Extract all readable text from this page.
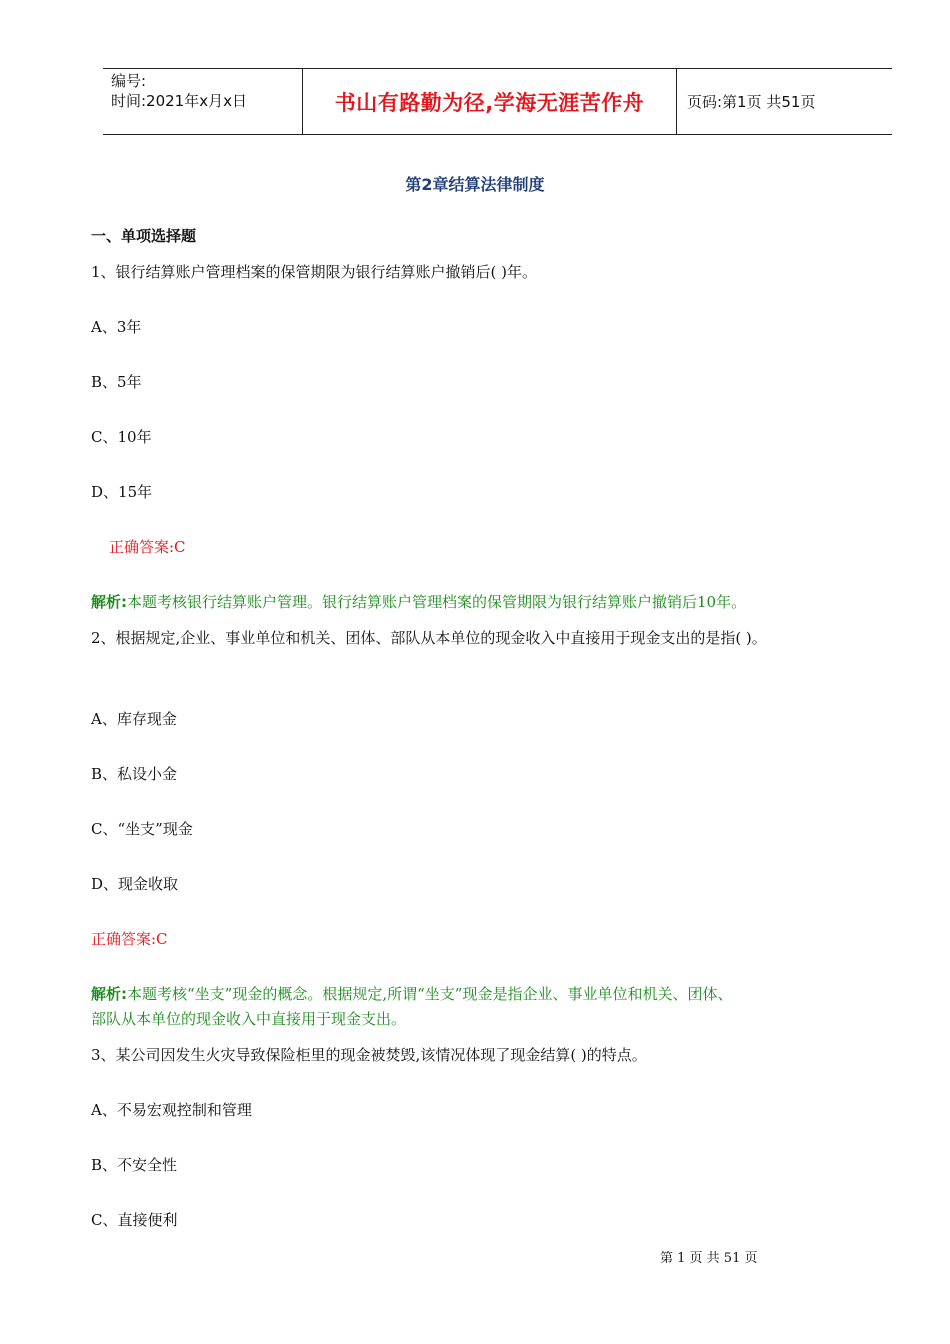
编号:
时间:2021年x月x日	书山有路勤为径,学海无涯苦作舟	页码:第1页 共51页
第2章结算法律制度
一、单项选择题
1、银行结算账户管理档案的保管期限为银行结算账户撤销后( )年。
A、3年
B、5年
C、10年
D、15年
正确答案:C
解析:本题考核银行结算账户管理。银行结算账户管理档案的保管期限为银行结算账户撤销后10年。
2、根据规定,企业、事业单位和机关、团体、部队从本单位的现金收入中直接用于现金支出的是指( )。
A、库存现金
B、私设小金
C、“坐支”现金
D、现金收取
正确答案:C
解析:本题考核“坐支”现金的概念。根据规定,所谓“坐支”现金是指企业、事业单位和机关、团体、
部队从本单位的现金收入中直接用于现金支出。
3、某公司因发生火灾导致保险柜里的现金被焚毁,该情况体现了现金结算( )的特点。
A、不易宏观控制和管理
B、不安全性
C、直接便利
第 1 页 共 51 页
